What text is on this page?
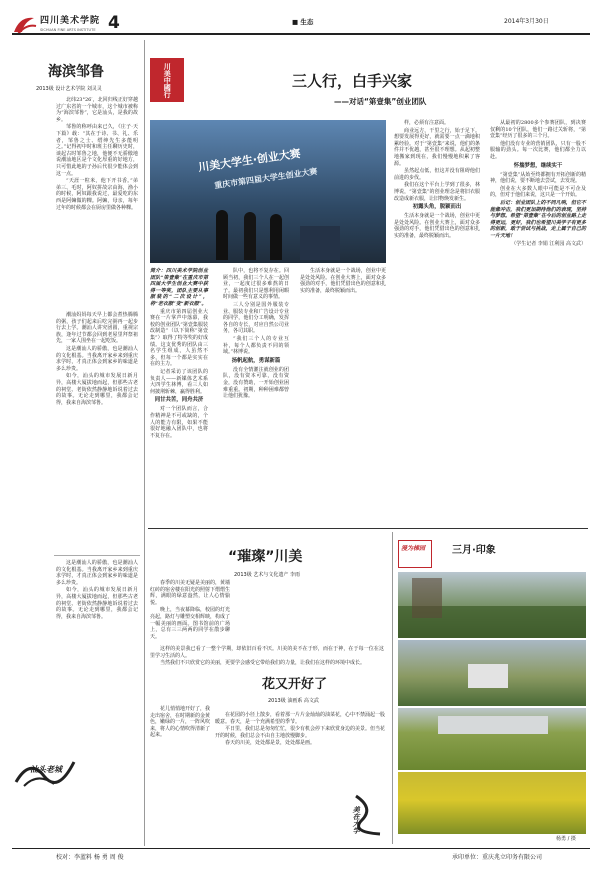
四川美术学院
SICHUAN FINE ARTS INSTITUTE 4	■ 生态	2014年3月30日
海滨邹鲁
2013级 设计艺术学院 刘灵灵

北纬23°26′，北回归线正好穿越过广东省的一个城市，这个城市被称为“海滨邹鲁”，它是汕头，是我的故乡。

邹鲁的称呼由来已久，《庄子·天下篇》载：“其在于诗、书、礼、乐者，邹鲁之士、缙绅先生多能明之。”记得初中时和班主任聊历史时，谈起古时邹鲁之地，他便不无骄傲地说潮汕地区是个文化厚重的好地方，只可惜此地的子孙后代很少能体会到这一点。

“天涯一粒米，他下开书香。”弟弟三、毛时，阿奴拼故宗由海，渔小的时候，阿奴跟我说过，最爱吃的东西是阿嫲做的粿。阿嫲，母亲，每年过年的时候都会在厨房里做各种粿。

潮汕妈妈每天早上都会煮热腾腾的粥，孩子们起来后吃完粥再一起步行去上学。潮汕人讲究团圆，重视宗族，逢年过节都会回到老屋里拜祭祖先，一家人围坐在一起吃饭。

这是潮汕人的骄傲，也是潮汕人的文化根基。当我离开家乡来到重庆求学时，才真正体会到家乡的味道是多么珍贵。

如今，汕头的城市发展日新月异，高楼大厦拔地而起，但那些古老的祠堂、老街依然静静地诉说着过去的故事。无论走到哪里，我都会记得，我来自海滨邹鲁。

这是潮汕人的骄傲，也是潮汕人的文化根基。当我离开家乡来到重庆求学时，才真正体会到家乡的味道是多么珍贵。

如今，汕头的城市发展日新月异，高楼大厦拔地而起，但那些古老的祠堂、老街依然静静地诉说着过去的故事。无论走到哪里，我都会记得，我来自海滨邹鲁。

汕头老城
川美中國行	三人行，白手兴家
——对话“第壹集”创业团队
川美大学生·创业大赛
重庆市第四届大学生创业大赛

简介：四川美术学院创业团队“第壹集”在重庆市第四届大学生创业大赛中获得一等奖，团队主要从事服装的“二次设计”，将“老衣服”变“新衣服”。

重庆市第四届创业大赛在一片掌声中落幕，我校的创业团队“第壹集服装改制造”（以下简称“第壹集”）取得了特等奖的好成绩。这支优秀的团队由三名学生组成，人虽然不多，但每一个都是实实在在的主力。

记者采访了该团队的负责人——新媒体艺术系大四学生林博，看三人如何披荆斩棘，赢得胜利。

同甘共苦，同舟共济

对一个团队而言，合作精神是不可或缺的，个人的能力有限，如果不能很好地融入团队中，也将不复存在。

队中，也将不复存在。回顾当初，我们三个人在一起创业，一起度过很多难熬的日子。最初我们只是想利用闲暇时间做一些有意义的事情。

三人分别是国外服装专业、服装专业和广告设计专业的同学，他们分工明确，发挥各自的专长，对应自然公司业务，各司其职。

“我们三个人的专业互补，每个人都负责不同的领域。”林博说。

扬帆起航，勇谋新篇

没有全情灌注就创业的团队，没有资本可靠，没有资金，没有赞助，一开始创业困难重重。初期，种种困难都曾让他们犹豫。

样，必须有注意面。

商业远方，干里之行，始于足下。想要发展得更好，就需要一点一滴地积累经验。对于“第壹集”来说，他们的条件并不优越，甚至很不理想。从起初整地搬家到现在，我们慢慢地积累了客源。

虽然起点低，但这并没有阻碍他们前进的步伐。

我们在这个平台上学到了很多，林博说，“第壹集”的创业理念是将旧衣服改造成新衣服，让旧物焕发新生。

初露头角，脱颖而出

生活本身就是一个战场，创业中更是处处风险。在创业大赛上，面对众多强劲的对手，他们凭借出色的创意和扎实的准备，最终脱颖而出。

生活本身就是一个战场，创业中更是处处风险。在创业大赛上，面对众多强劲的对手，他们凭借出色的创意和扎实的准备，最终脱颖而出。

从最初的2800多个参赛团队，到决赛仅剩的10个团队，他们一路过关斩将，“第壹集”经历了很多的三个月。

他们没有专业的营销团队，只有一股不服输的劲头。每一次比赛，他们都全力以赴。

怀揣梦想，继续实干

“第壹集”从始至终都拥有开拓创新的精神，他们说，要不断地去尝试，去发现。

创业在大多数人眼中可能是不可企及的，但对于他们来说，这只是一个开始。

后记：创业团队上的不同凡响，但它不能像冲击，我们更加期待他们的表现，坚持与梦想。希望“第壹集”在今后的创业路上走得更远，更好，我们也希望川美学子有更多的创新，敢于尝试与挑战，走上属于自己的一片天地！

（学生记者 李娟 江利园 高文武）

“璀璨”川美
2013级 艺术与文化遗产 李雨

春季的川美无疑是美丽的，黄墙红砖的宿舍楼在阳光的照射下熠熠生辉，满眼的绿意盎然，让人心情愉悦。

晚上，当夜幕降临，校园的灯光亮起，路灯与雕塑交相辉映，构成了一幅美丽的画面。图书馆前的广场上，总有三三两两的同学在散步聊天。

这样的美景我已看了一整个学期，却依旧百看不厌。川美的美不在于形，而在于神，在于每一位在这里学习生活的人。

当然我们不只欣赏它的美丽，更要学会感受它带给我们的力量，让我们在这样的环境中成长。

花又开好了
2013级 油画系 高文武

花儿悄悄地开好了，我走出宿舍，在时期新的金黄色，嫩绿的一片，一阵风吹来，将人的心情吹得清新了起来。

在花园的小径上散步，看着那一片片金灿灿的油菜花，心中不禁涌起一股暖意。春天，是一个充满希望的季节。

平日里，我们总是匆匆忙忙，很少有机会停下来欣赏身边的美景。但当花开的时候，我们总会不由自主地放慢脚步。

春天的川美，处处都是景，处处都是画。

美在大学
漫为梯园	三月·印象
杨勇 / 摄
校对：李蓝料 杨 勇 周 俊	承印单位：重庆兆立印务有限公司
